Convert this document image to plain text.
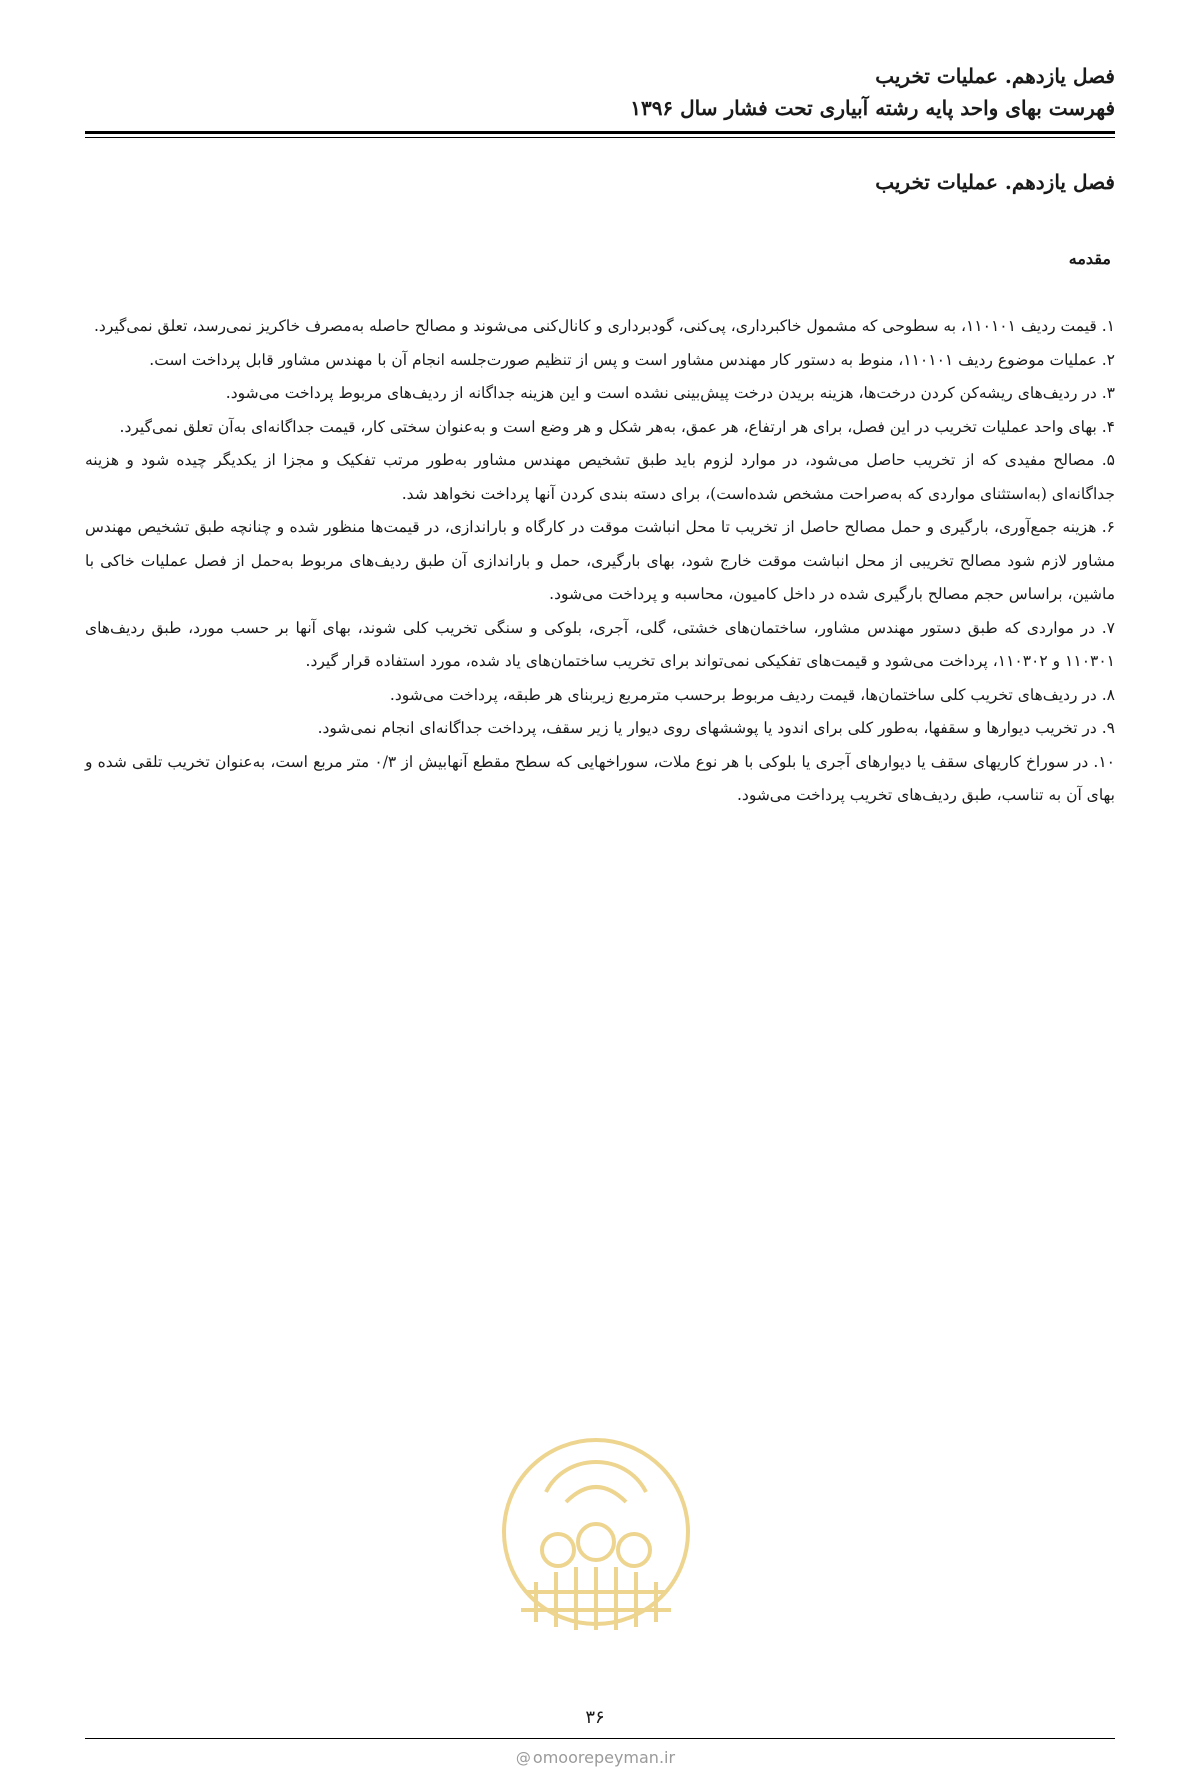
فصل یازدهم. عملیات تخریب
فهرست بهای واحد پایه رشته آبیاری تحت فشار سال ۱۳۹۶
فصل یازدهم. عملیات تخریب
مقدمه

۱. قیمت ردیف ۱۱۰۱۰۱، به سطوحی که مشمول خاکبرداری، پی‌کنی، گودبرداری و کانال‌کنی می‌شوند و مصالح حاصله به‌مصرف خاکریز نمی‌رسد، تعلق نمی‌گیرد.

۲. عملیات موضوع ردیف ۱۱۰۱۰۱، منوط به دستور کار مهندس مشاور است و پس از تنظیم صورت‌جلسه انجام آن با مهندس مشاور قابل پرداخت است.

۳. در ردیف‌های ریشه‌کن کردن درخت‌ها، هزینه بریدن درخت پیش‌بینی نشده است و این هزینه جداگانه از ردیف‌های مربوط پرداخت می‌شود.

۴. بهای واحد عملیات تخریب در این فصل، برای هر ارتفاع، هر عمق، به‌هر شکل و هر وضع است و به‌عنوان سختی کار، قیمت جداگانه‌ای به‌آن تعلق نمی‌گیرد.

۵. مصالح مفیدی که از تخریب حاصل می‌شود، در موارد لزوم باید طبق تشخیص مهندس مشاور به‌طور مرتب تفکیک و مجزا از یکدیگر چیده شود و هزینه جداگانه‌ای (به‌استثنای مواردی که به‌صراحت مشخص شده‌است)، برای دسته بندی کردن آنها پرداخت نخواهد شد.

۶. هزینه جمع‌آوری، بارگیری و حمل مصالح حاصل از تخریب تا محل انباشت موقت در کارگاه و باراندازی، در قیمت‌ها منظور شده و چنانچه طبق تشخیص مهندس مشاور لازم شود مصالح تخریبی از محل انباشت موقت خارج شود، بهای بارگیری، حمل و باراندازی آن طبق ردیف‌های مربوط به‌حمل از فصل عملیات خاکی با ماشین، براساس حجم مصالح بارگیری شده در داخل کامیون، محاسبه و پرداخت می‌شود.

۷. در مواردی که طبق دستور مهندس مشاور، ساختمان‌های خشتی، گلی، آجری، بلوکی و سنگی تخریب کلی شوند، بهای آنها بر حسب مورد، طبق ردیف‌های ۱۱۰۳۰۱ و ۱۱۰۳۰۲، پرداخت می‌شود و قیمت‌های تفکیکی نمی‌تواند برای تخریب ساختمان‌های یاد شده، مورد استفاده قرار گیرد.

۸. در ردیف‌های تخریب کلی ساختمان‌ها، قیمت ردیف مربوط برحسب مترمربع زیربنای هر طبقه، پرداخت می‌شود.

۹. در تخریب دیوارها و سقفها، به‌طور کلی برای اندود یا پوششهای روی دیوار یا زیر سقف، پرداخت جداگانه‌ای انجام نمی‌شود.

۱۰. در سوراخ کاریهای سقف یا دیوارهای آجری یا بلوکی با هر نوع ملات، سوراخهایی که سطح مقطع آنهابیش از ۰/۳ متر مربع است، به‌عنوان تخریب تلقی شده و بهای آن به تناسب، طبق ردیف‌های تخریب پرداخت می‌شود.

۳۶
@ omoorepeyman.ir
